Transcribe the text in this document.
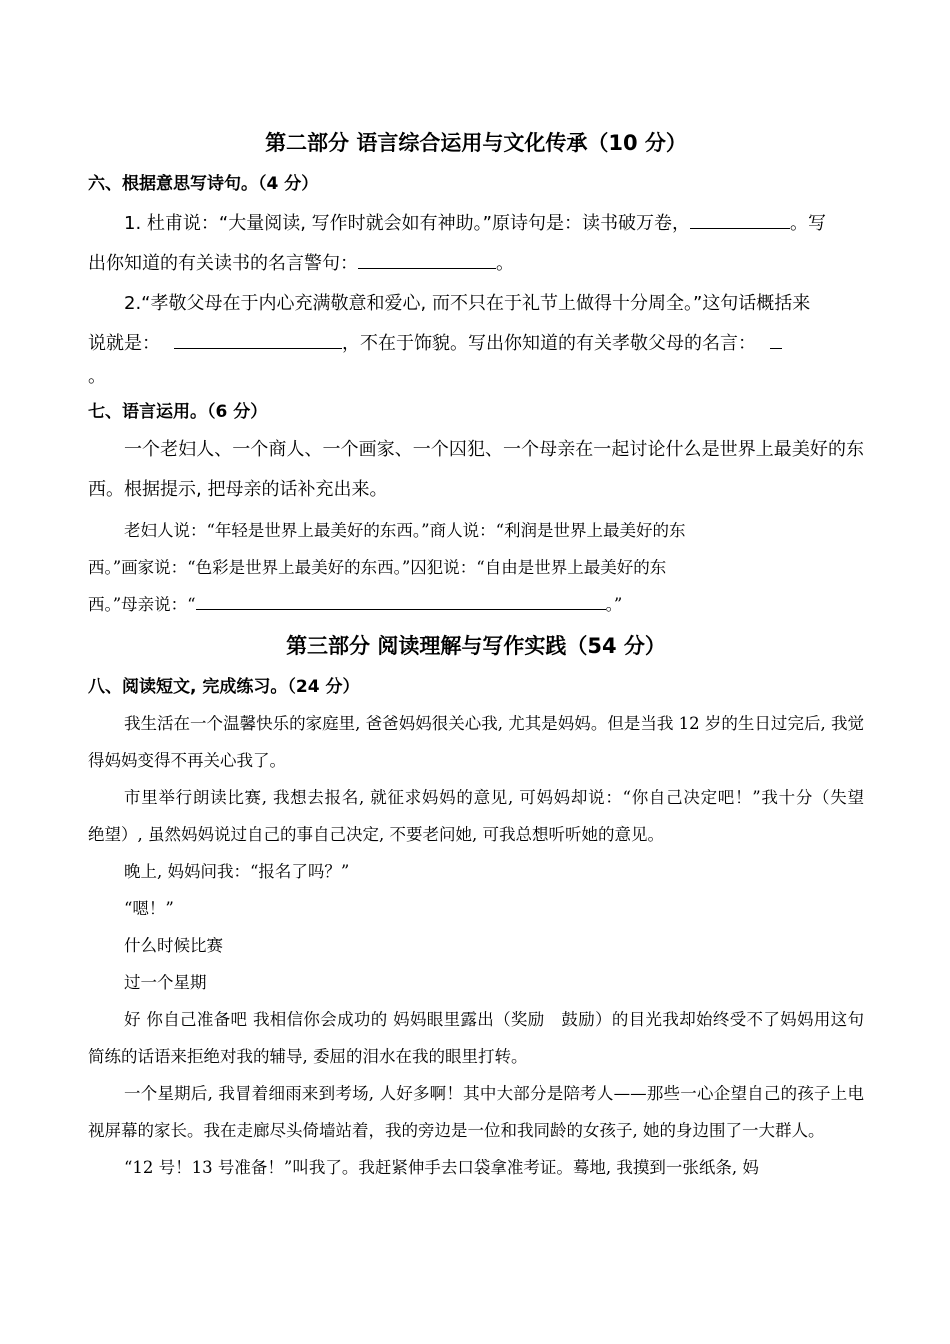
第二部分 语言综合运用与文化传承（10 分）

六、根据意思写诗句。（4 分）

1. 杜甫说：“大量阅读, 写作时就会如有神助。”原诗句是：读书破万卷，	。写

出你知道的有关读书的名言警句：	。

2.“孝敬父母在于内心充满敬意和爱心, 而不只在于礼节上做得十分周全。”这句话概括来

说就是：	，不在于饰貌。写出你知道的有关孝敬父母的名言：

。

七、语言运用。（6 分）

一个老妇人、一个商人、一个画家、一个囚犯、一个母亲在一起讨论什么是世界上最美好的东西。根据提示, 把母亲的话补充出来。

老妇人说：“年轻是世界上最美好的东西。”商人说：“利润是世界上最美好的东

西。”画家说：“色彩是世界上最美好的东西。”囚犯说：“自由是世界上最美好的东

西。”母亲说：“	。”

第三部分 阅读理解与写作实践（54 分）

八、阅读短文, 完成练习。（24 分）

我生活在一个温馨快乐的家庭里, 爸爸妈妈很关心我, 尤其是妈妈。但是当我 12 岁的生日过完后, 我觉得妈妈变得不再关心我了。

市里举行朗读比赛, 我想去报名, 就征求妈妈的意见, 可妈妈却说：“你自己决定吧！”我十分（失望　绝望）, 虽然妈妈说过自己的事自己决定, 不要老问她, 可我总想听听她的意见。

晚上, 妈妈问我：“报名了吗？”

“嗯！”

什么时候比赛

过一个星期

好 你自己准备吧 我相信你会成功的 妈妈眼里露出（奖励　鼓励）的目光我却始终受不了妈妈用这句简练的话语来拒绝对我的辅导, 委屈的泪水在我的眼里打转。

一个星期后, 我冒着细雨来到考场, 人好多啊！其中大部分是陪考人——那些一心企望自己的孩子上电视屏幕的家长。我在走廊尽头倚墙站着，我的旁边是一位和我同龄的女孩子, 她的身边围了一大群人。

“12 号！13 号准备！”叫我了。我赶紧伸手去口袋拿准考证。蓦地, 我摸到一张纸条, 妈
